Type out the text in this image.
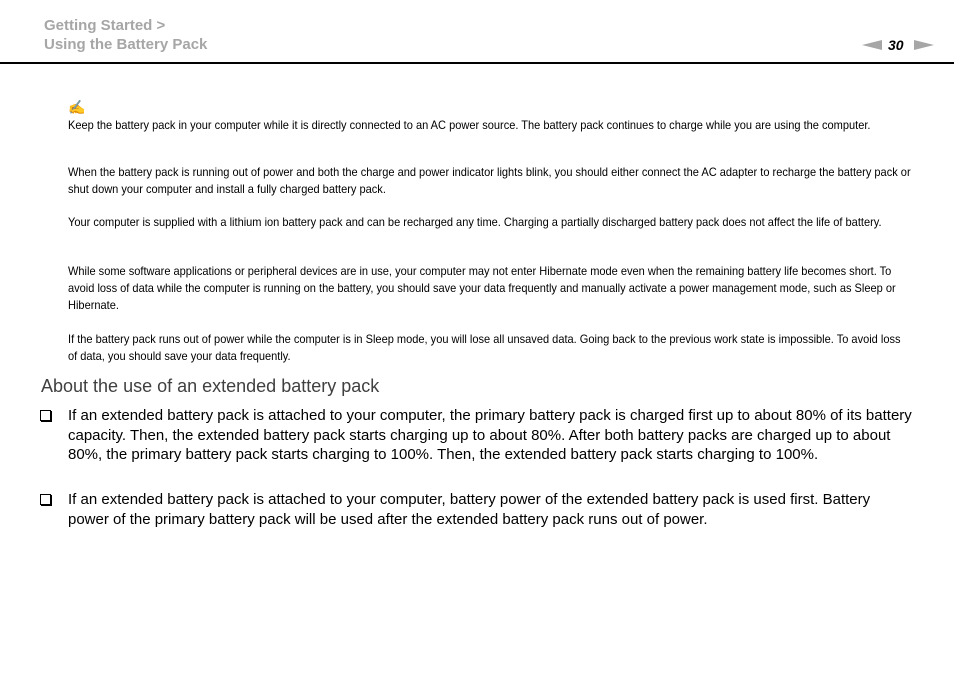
Getting Started >
Using the Battery Pack	30
✍
Keep the battery pack in your computer while it is directly connected to an AC power source. The battery pack continues to charge while you are using the computer.
When the battery pack is running out of power and both the charge and power indicator lights blink, you should either connect the AC adapter to recharge the battery pack or shut down your computer and install a fully charged battery pack.
Your computer is supplied with a lithium ion battery pack and can be recharged any time. Charging a partially discharged battery pack does not affect the life of battery.
While some software applications or peripheral devices are in use, your computer may not enter Hibernate mode even when the remaining battery life becomes short. To avoid loss of data while the computer is running on the battery, you should save your data frequently and manually activate a power management mode, such as Sleep or Hibernate.
If the battery pack runs out of power while the computer is in Sleep mode, you will lose all unsaved data. Going back to the previous work state is impossible. To avoid loss of data, you should save your data frequently.
About the use of an extended battery pack
If an extended battery pack is attached to your computer, the primary battery pack is charged first up to about 80% of its battery capacity. Then, the extended battery pack starts charging up to about 80%. After both battery packs are charged up to about 80%, the primary battery pack starts charging to 100%. Then, the extended battery pack starts charging to 100%.
If an extended battery pack is attached to your computer, battery power of the extended battery pack is used first. Battery power of the primary battery pack will be used after the extended battery pack runs out of power.
